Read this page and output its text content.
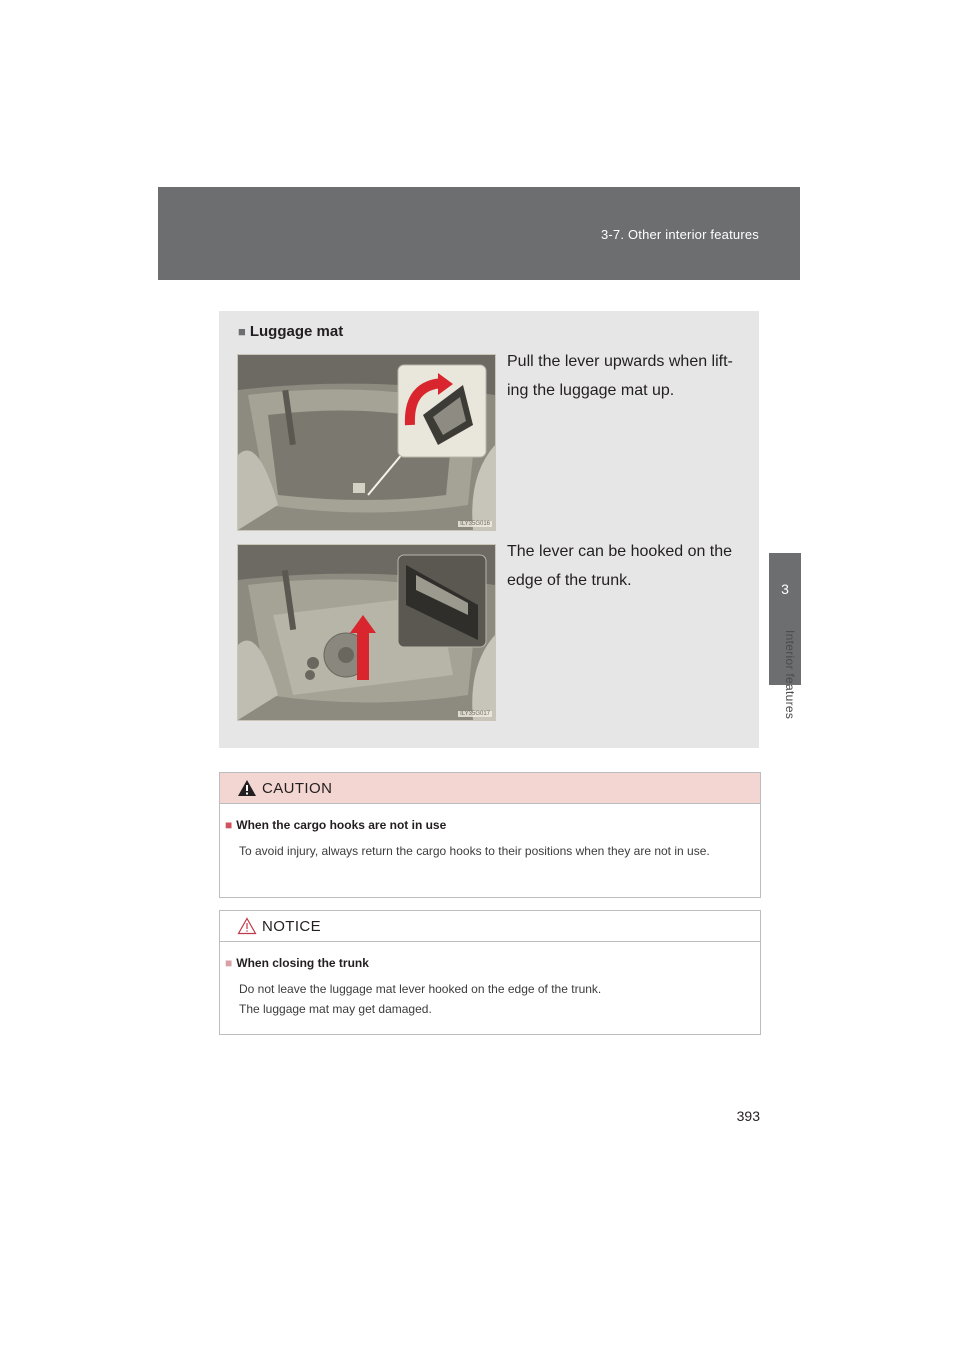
3-7. Other interior features
3
Interior features
■ Luggage mat
ILY35G016
Pull the lever upwards when lift-ing the luggage mat up.
ILY35G017
The lever can be hooked on the edge of the trunk.
CAUTION
■ When the cargo hooks are not in use
To avoid injury, always return the cargo hooks to their positions when they are not in use.
NOTICE
■ When closing the trunk
Do not leave the luggage mat lever hooked on the edge of the trunk.
The luggage mat may get damaged.
393
